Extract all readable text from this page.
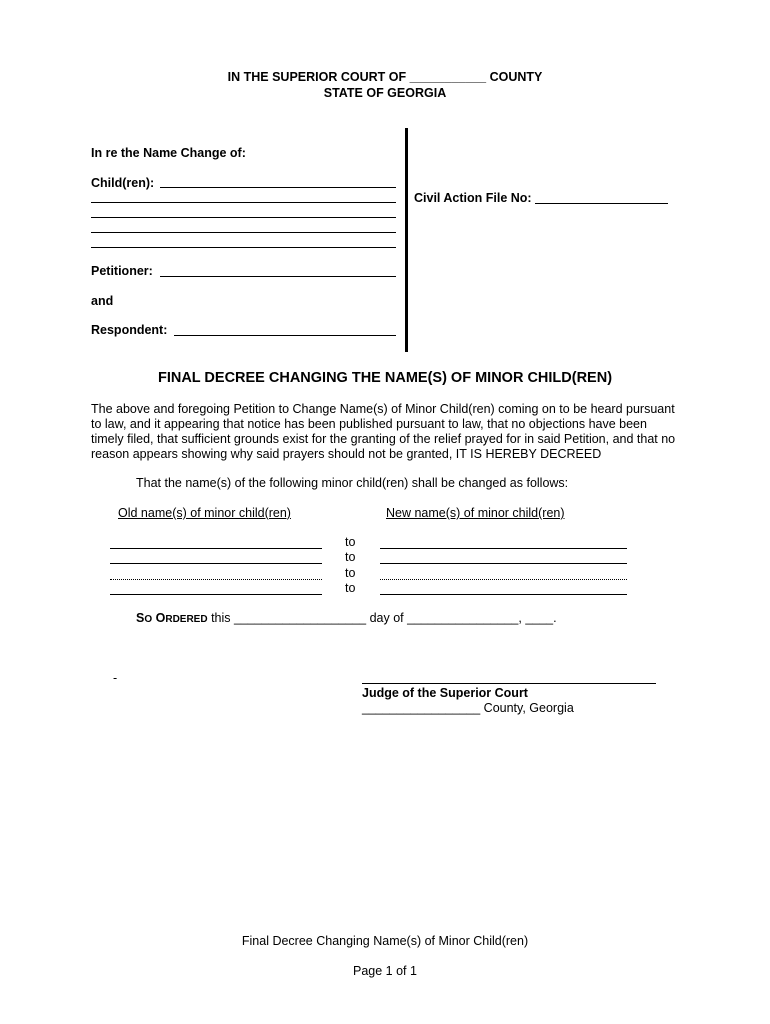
IN THE SUPERIOR COURT OF ___________ COUNTY
STATE OF GEORGIA
In re the Name Change of:
Child(ren):
Petitioner:
and
Respondent:
Civil Action File No:
FINAL DECREE CHANGING THE NAME(S) OF MINOR CHILD(REN)
The above and foregoing Petition to Change Name(s) of Minor Child(ren) coming on to be heard pursuant
to law, and it appearing that notice has been published pursuant to law, that no objections have been
timely filed, that sufficient grounds exist for the granting of the relief prayed for in said Petition, and that no
reason appears showing why said prayers should not be granted, IT IS HEREBY DECREED
That the name(s) of the following minor child(ren) shall be changed as follows:
Old name(s) of minor child(ren)	New name(s) of minor child(ren)
to
to
to
to
SO ORDERED this ___________________ day of ________________, ____.
-
Judge of the Superior Court
_________________ County, Georgia
Final Decree Changing Name(s) of Minor Child(ren)
Page 1 of 1
